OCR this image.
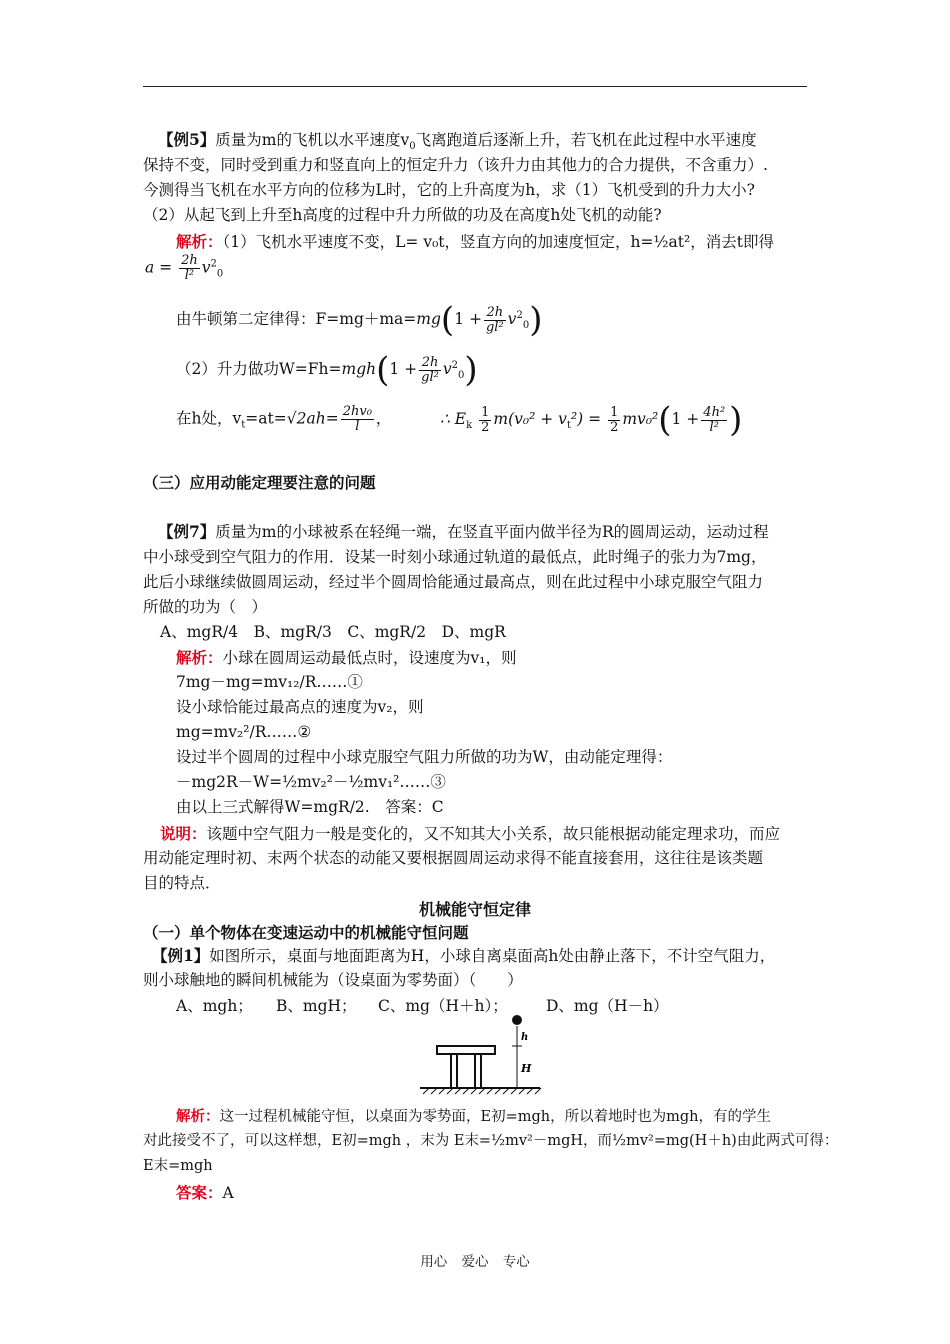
【例5】质量为m的飞机以水平速度$v_0$飞离跑道后逐渐上升，若飞机在此过程中水平速度
保持不变，同时受到重力和竖直向上的恒定升力（该升力由其他力的合力提供，不含重力）.
今测得当飞机在水平方向的位移为L时，它的上升高度为h，求（1）飞机受到的升力大小?
（2）从起飞到上升至h高度的过程中升力所做的功及在高度h处飞机的动能?
解析：（1）飞机水平速度不变，L= v₀t，竖直方向的加速度恒定，h=½at²，消去t即得
$a = \frac{2h}{\text{l²}} v^2_0$
由牛顿第二定律得：$F=mg+ma=mg(1 + \frac{2h}{\text{gl²}} v^2_0)$
（2）升力做功$W=Fh=mgh(1 + \frac{2h}{\text{gl²}} v^2_0)$
在h处，$v_t=at=√2ah= \frac{\text{2hv₀}}{l}$ ，	∴ $E_k \frac{1}{2} m(v_0^2 + v_t^2) = \frac{1}{2} mv_0^2(1 + \frac{\text{4h²}}{\text{l²}}$ )
（三）应用动能定理要注意的问题
【例7】质量为m的小球被系在轻绳一端，在竖直平面内做半径为R的圆周运动，运动过程
中小球受到空气阻力的作用．设某一时刻小球通过轨道的最低点，此时绳子的张力为7mg，
此后小球继续做圆周运动，经过半个圆周恰能通过最高点，则在此过程中小球克服空气阻力
所做的功为（　）
A、mgR/4　B、mgR/3　C、mgR/2　D、mgR
解析：小球在圆周运动最低点时，设速度为v₁，则
7mg－mg=mv₁₂/R……①
设小球恰能过最高点的速度为v₂，则
mg=mv₂²/R……②
设过半个圆周的过程中小球克服空气阻力所做的功为W，由动能定理得：
－mg2R－W=½mv₂²－½mv₁²……③
由以上三式解得W=mgR/2.　答案：C
说明：该题中空气阻力一般是变化的，又不知其大小关系，故只能根据动能定理求功，而应
用动能定理时初、末两个状态的动能又要根据圆周运动求得不能直接套用，这往往是该类题
目的特点．
机械能守恒定律
（一）单个物体在变速运动中的机械能守恒问题
【例1】如图所示，桌面与地面距离为H，小球自离桌面高h处由静止落下，不计空气阻力，
则小球触地的瞬间机械能为（设桌面为零势面）（　　）
A、mgh； B、mgH； C、mg（H＋h）； D、mg（H－h）
h
H
解析：这一过程机械能守恒，以桌面为零势面，E初=mgh，所以着地时也为mgh，有的学生
对此接受不了，可以这样想，E初=mgh ，末为 E末=½mv²－mgH，而½mv²=mg(H＋h)由此两式可得：
E末=mgh
答案：A
用心 爱心 专心
